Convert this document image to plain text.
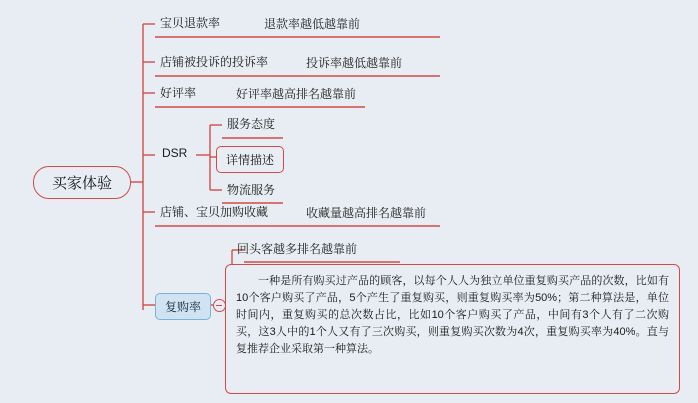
买家体验
宝贝退款率	退款率越低越靠前
店铺被投诉的投诉率	投诉率越低越靠前
好评率	好评率越高排名越靠前
DSR
服务态度
详情描述
物流服务
店铺、宝贝加购收藏	收藏量越高排名越靠前
复购率
回头客越多排名越靠前
一种是所有购买过产品的顾客，以每个人人为独立单位重复购买产品的次数，比如有10个客户购买了产品，5个产生了重复购买，则重复购买率为50%；第二种算法是，单位时间内，重复购买的总次数占比，比如10个客户购买了产品，中间有3个人有了二次购买，这3人中的1个人又有了三次购买，则重复购买次数为4次，重复购买率为40%。直与复推荐企业采取第一种算法。
